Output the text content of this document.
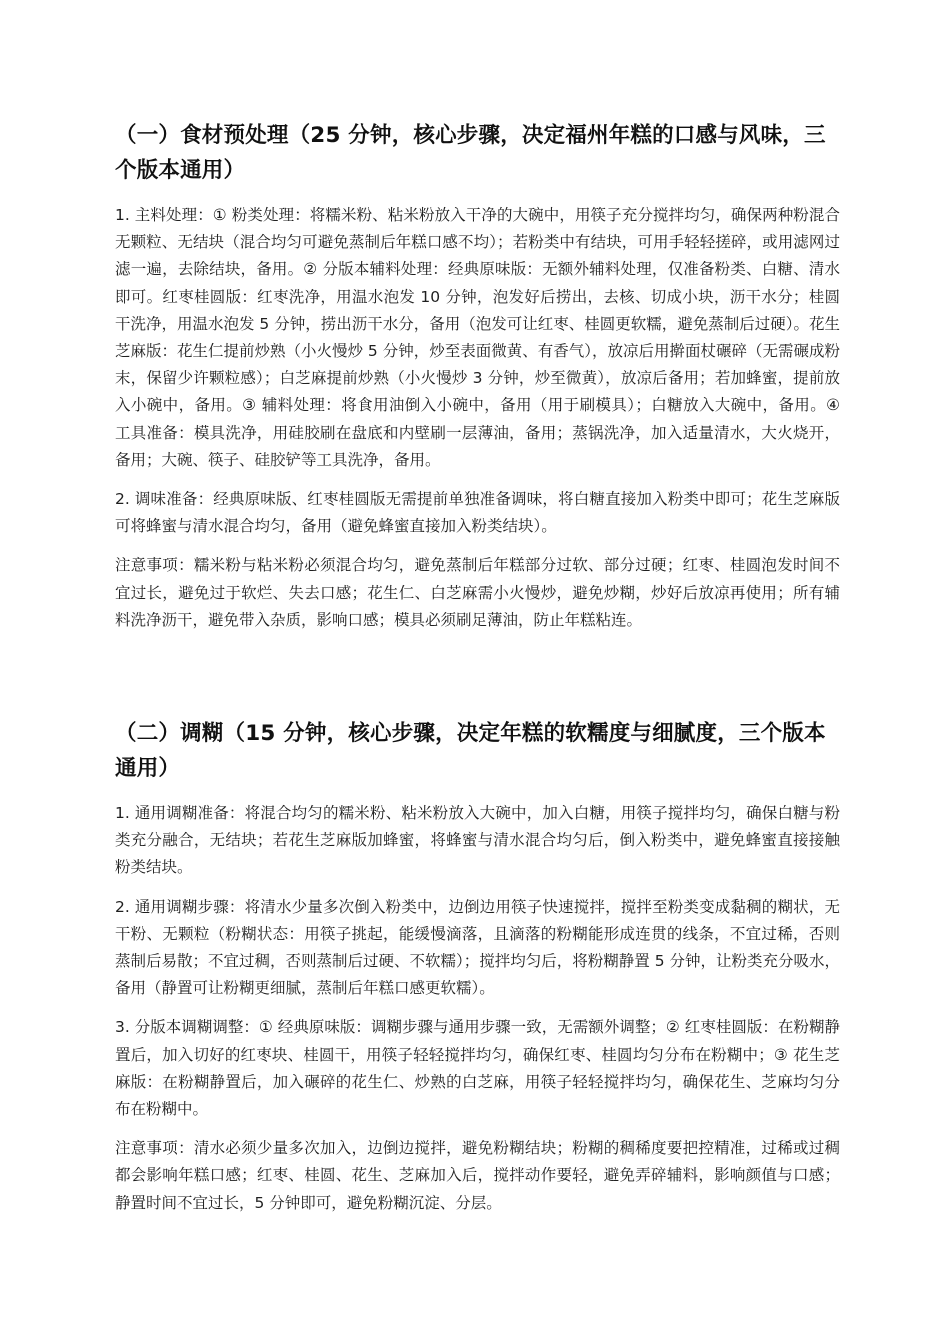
（一）食材预处理（25 分钟，核心步骤，决定福州年糕的口感与风味，三个版本通用）

1. 主料处理：① 粉类处理：将糯米粉、粘米粉放入干净的大碗中，用筷子充分搅拌均匀，确保两种粉混合无颗粒、无结块（混合均匀可避免蒸制后年糕口感不均）；若粉类中有结块，可用手轻轻搓碎，或用滤网过滤一遍，去除结块，备用。② 分版本辅料处理：经典原味版：无额外辅料处理，仅准备粉类、白糖、清水即可。红枣桂圆版：红枣洗净，用温水泡发 10 分钟，泡发好后捞出，去核、切成小块，沥干水分；桂圆干洗净，用温水泡发 5 分钟，捞出沥干水分，备用（泡发可让红枣、桂圆更软糯，避免蒸制后过硬）。花生芝麻版：花生仁提前炒熟（小火慢炒 5 分钟，炒至表面微黄、有香气），放凉后用擀面杖碾碎（无需碾成粉末，保留少许颗粒感）；白芝麻提前炒熟（小火慢炒 3 分钟，炒至微黄），放凉后备用；若加蜂蜜，提前放入小碗中，备用。③ 辅料处理：将食用油倒入小碗中，备用（用于刷模具）；白糖放入大碗中，备用。④ 工具准备：模具洗净，用硅胶刷在盘底和内壁刷一层薄油，备用；蒸锅洗净，加入适量清水，大火烧开，备用；大碗、筷子、硅胶铲等工具洗净，备用。

2. 调味准备：经典原味版、红枣桂圆版无需提前单独准备调味，将白糖直接加入粉类中即可；花生芝麻版可将蜂蜜与清水混合均匀，备用（避免蜂蜜直接加入粉类结块）。

注意事项：糯米粉与粘米粉必须混合均匀，避免蒸制后年糕部分过软、部分过硬；红枣、桂圆泡发时间不宜过长，避免过于软烂、失去口感；花生仁、白芝麻需小火慢炒，避免炒糊，炒好后放凉再使用；所有辅料洗净沥干，避免带入杂质，影响口感；模具必须刷足薄油，防止年糕粘连。

（二）调糊（15 分钟，核心步骤，决定年糕的软糯度与细腻度，三个版本通用）

1. 通用调糊准备：将混合均匀的糯米粉、粘米粉放入大碗中，加入白糖，用筷子搅拌均匀，确保白糖与粉类充分融合，无结块；若花生芝麻版加蜂蜜，将蜂蜜与清水混合均匀后，倒入粉类中，避免蜂蜜直接接触粉类结块。

2. 通用调糊步骤：将清水少量多次倒入粉类中，边倒边用筷子快速搅拌，搅拌至粉类变成黏稠的糊状，无干粉、无颗粒（粉糊状态：用筷子挑起，能缓慢滴落，且滴落的粉糊能形成连贯的线条，不宜过稀，否则蒸制后易散；不宜过稠，否则蒸制后过硬、不软糯）；搅拌均匀后，将粉糊静置 5 分钟，让粉类充分吸水，备用（静置可让粉糊更细腻，蒸制后年糕口感更软糯）。

3. 分版本调糊调整：① 经典原味版：调糊步骤与通用步骤一致，无需额外调整；② 红枣桂圆版：在粉糊静置后，加入切好的红枣块、桂圆干，用筷子轻轻搅拌均匀，确保红枣、桂圆均匀分布在粉糊中；③ 花生芝麻版：在粉糊静置后，加入碾碎的花生仁、炒熟的白芝麻，用筷子轻轻搅拌均匀，确保花生、芝麻均匀分布在粉糊中。

注意事项：清水必须少量多次加入，边倒边搅拌，避免粉糊结块；粉糊的稠稀度要把控精准，过稀或过稠都会影响年糕口感；红枣、桂圆、花生、芝麻加入后，搅拌动作要轻，避免弄碎辅料，影响颜值与口感；静置时间不宜过长，5 分钟即可，避免粉糊沉淀、分层。
